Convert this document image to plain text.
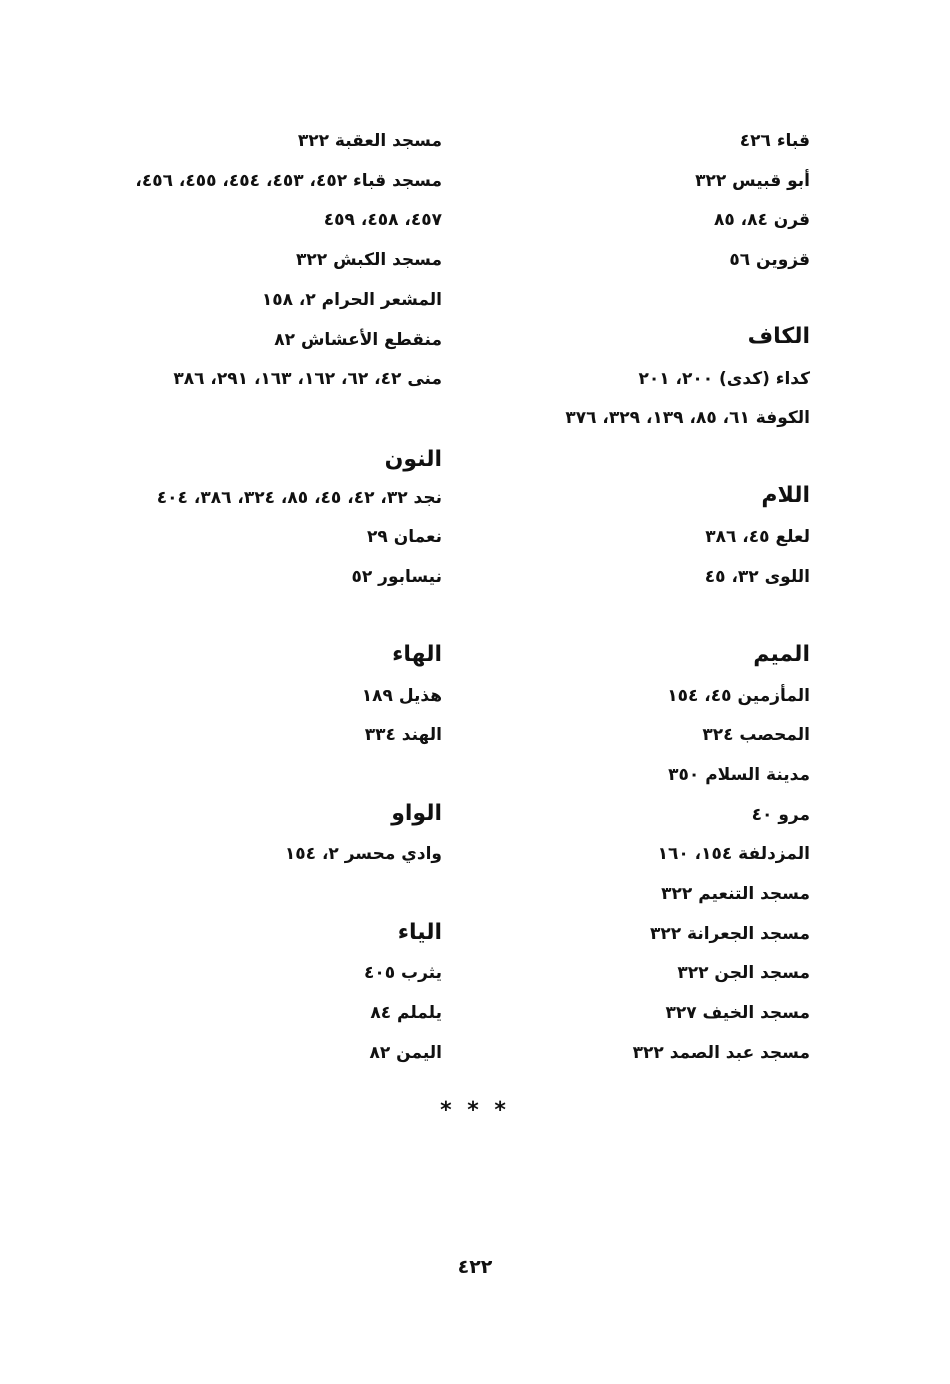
قباء ٤٢٦
أبو قبيس ٣٢٢
قرن ٨٤، ٨٥
قزوين ٥٦
الكاف
كداء (كدى) ٢٠٠، ٢٠١
الكوفة ٦١، ٨٥، ١٣٩، ٣٢٩، ٣٧٦
اللام
لعلع ٤٥، ٣٨٦
اللوى ٣٢، ٤٥
الميم
المأزمين ٤٥، ١٥٤
المحصب ٣٢٤
مدينة السلام ٣٥٠
مرو ٤٠
المزدلفة ١٥٤، ١٦٠
مسجد التنعيم ٣٢٢
مسجد الجعرانة ٣٢٢
مسجد الجن ٣٢٢
مسجد الخيف ٣٢٧
مسجد عبد الصمد ٣٢٢
مسجد العقبة ٣٢٢
مسجد قباء ٤٥٢، ٤٥٣، ٤٥٤، ٤٥٥، ٤٥٦،
٤٥٧، ٤٥٨، ٤٥٩
مسجد الكبش ٣٢٢
المشعر الحرام ٢، ١٥٨
منقطع الأعشاش ٨٢
منى ٤٢، ٦٢، ١٦٢، ١٦٣، ٢٩١، ٣٨٦
النون
نجد ٣٢، ٤٢، ٤٥، ٨٥، ٣٢٤، ٣٨٦، ٤٠٤
نعمان ٢٩
نيسابور ٥٢
الهاء
هذيل ١٨٩
الهند ٣٣٤
الواو
وادي محسر ٢، ١٥٤
الياء
يثرب ٤٠٥
يلملم ٨٤
اليمن ٨٢
* * *
٤٢٢
